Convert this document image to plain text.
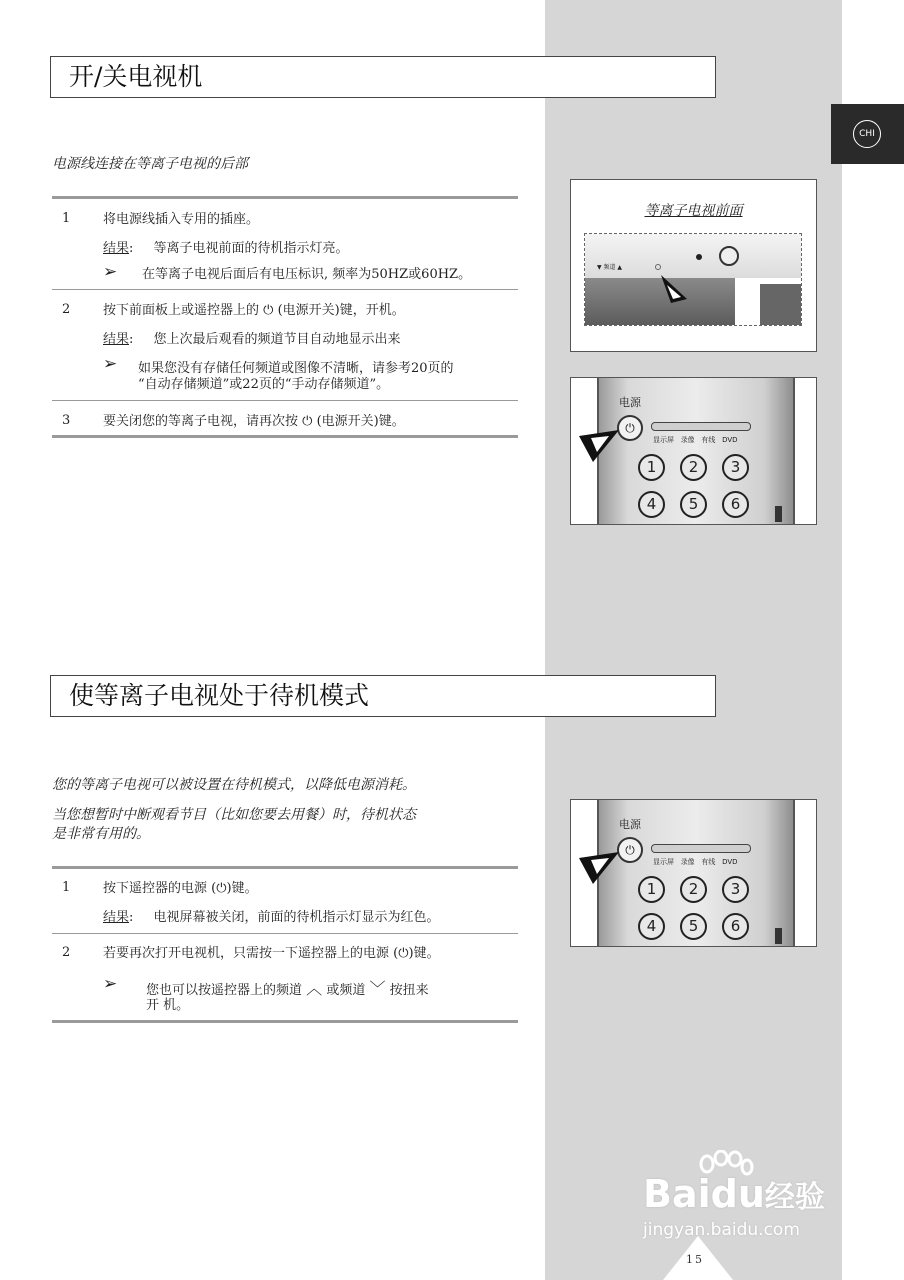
CHI
开/关电视机
电源线连接在等离子电视的后部
1	将电源线插入专用的插座。
结果: 等离子电视前面的待机指示灯亮。
➢ 在等离子电视后面后有电压标识, 频率为50HZ或60HZ。
2	按下前面板上或遥控器上的 ⏻ (电源开关)键，开机。
结果: 您上次最后观看的频道节目自动地显示出来
➢ 如果您没有存储任何频道或图像不清晰，请参考20页的
“自动存储频道”或22页的“手动存储频道”。
3	要关闭您的等离子电视，请再次按 ⏻ (电源开关)键。
等离子电视前面
▼ 频道 ▲
电源
⏻
显示屏 录像 有线 DVD
1	2	3
4	5	6
使等离子电视处于待机模式
您的等离子电视可以被设置在待机模式，以降低电源消耗。
当您想暂时中断观看节目（比如您要去用餐）时，待机状态
是非常有用的。
1	按下遥控器的电源 (⏻)键。
结果: 电视屏幕被关闭，前面的待机指示灯显示为红色。
2	若要再次打开电视机，只需按一下遥控器上的电源 (⏻)键。
➢ 您也可以按遥控器上的频道 ︿ 或频道 ﹀ 按扭来
开 机。
电源
⏻
显示屏 录像 有线 DVD
1	2	3
4	5	6
Baidu经验
jingyan.baidu.com
15
